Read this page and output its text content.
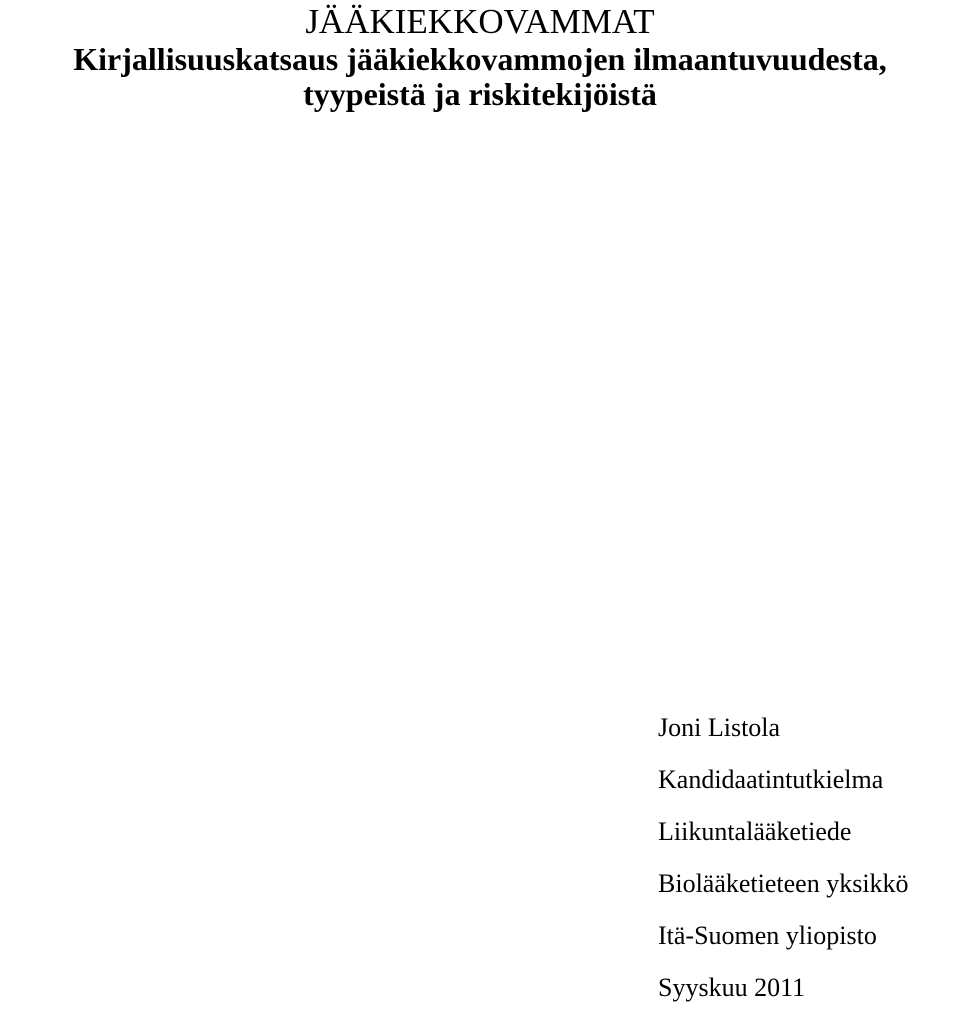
JÄÄKIEKKOVAMMAT
Kirjallisuuskatsaus jääkiekkovammojen ilmaantuvuudesta,
tyypeistä ja riskitekijöistä
Joni Listola
Kandidaatintutkielma
Liikuntalääketiede
Biolääketieteen yksikkö
Itä-Suomen yliopisto
Syyskuu 2011
